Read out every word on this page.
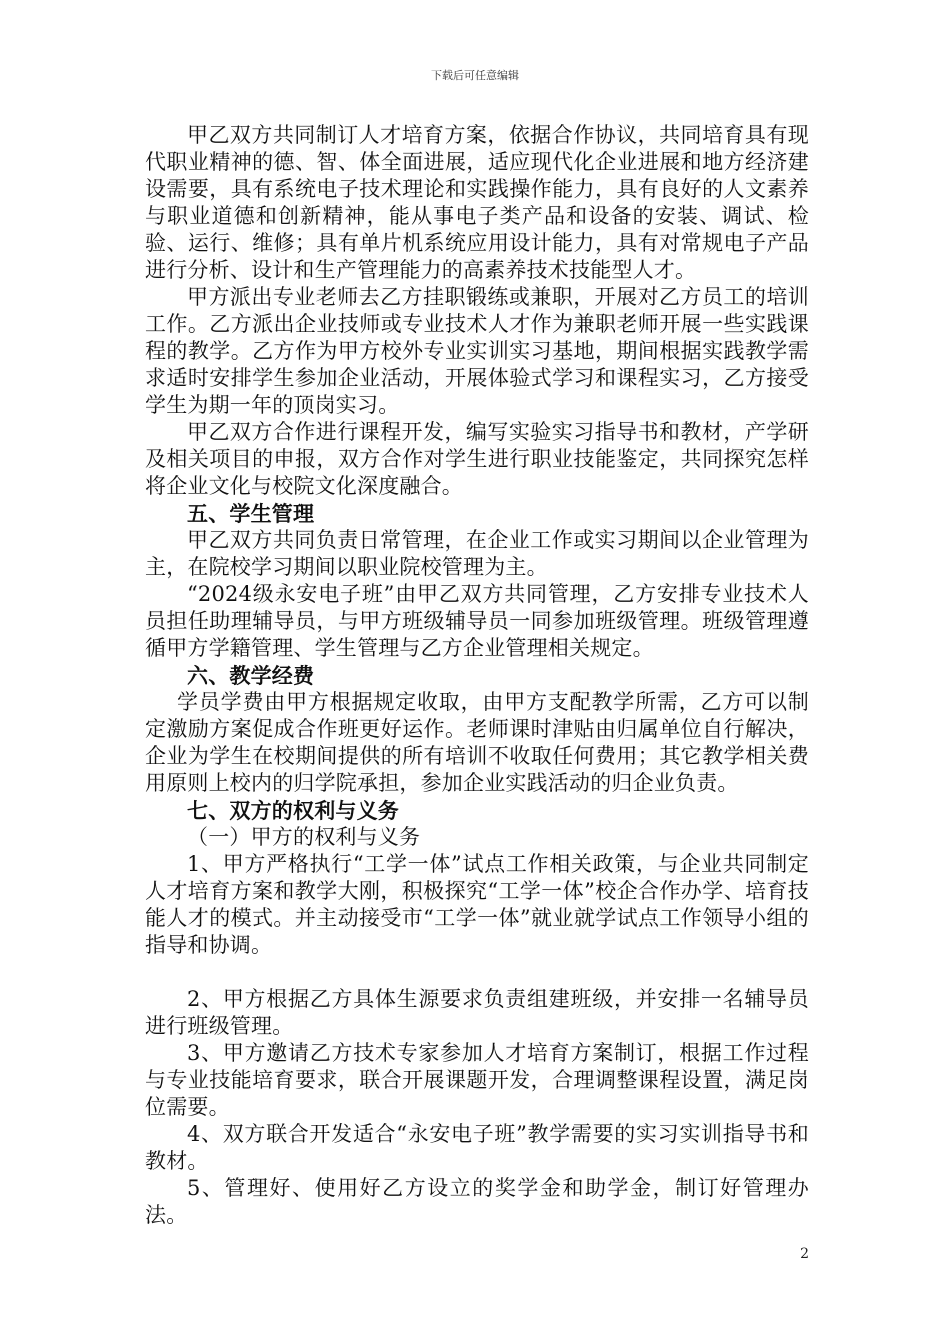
下载后可任意编辑

甲乙双方共同制订人才培育方案，依据合作协议，共同培育具有现代职业精神的德、智、体全面进展，适应现代化企业进展和地方经济建设需要，具有系统电子技术理论和实践操作能力，具有良好的人文素养与职业道德和创新精神，能从事电子类产品和设备的安装、调试、检验、运行、维修；具有单片机系统应用设计能力，具有对常规电子产品进行分析、设计和生产管理能力的高素养技术技能型人才。

甲方派出专业老师去乙方挂职锻练或兼职，开展对乙方员工的培训工作。乙方派出企业技师或专业技术人才作为兼职老师开展一些实践课程的教学。乙方作为甲方校外专业实训实习基地，期间根据实践教学需求适时安排学生参加企业活动，开展体验式学习和课程实习，乙方接受学生为期一年的顶岗实习。

甲乙双方合作进行课程开发，编写实验实习指导书和教材，产学研及相关项目的申报，双方合作对学生进行职业技能鉴定，共同探究怎样将企业文化与校院文化深度融合。

五、学生管理

甲乙双方共同负责日常管理，在企业工作或实习期间以企业管理为主，在院校学习期间以职业院校管理为主。

“2024级永安电子班”由甲乙双方共同管理，乙方安排专业技术人员担任助理辅导员，与甲方班级辅导员一同参加班级管理。班级管理遵循甲方学籍管理、学生管理与乙方企业管理相关规定。

六、教学经费

学员学费由甲方根据规定收取，由甲方支配教学所需，乙方可以制定激励方案促成合作班更好运作。老师课时津贴由归属单位自行解决，企业为学生在校期间提供的所有培训不收取任何费用；其它教学相关费用原则上校内的归学院承担，参加企业实践活动的归企业负责。

七、双方的权利与义务

（一）甲方的权利与义务

1、甲方严格执行“工学一体”试点工作相关政策，与企业共同制定人才培育方案和教学大刚，积极探究“工学一体”校企合作办学、培育技能人才的模式。并主动接受市“工学一体”就业就学试点工作领导小组的指导和协调。

2、甲方根据乙方具体生源要求负责组建班级，并安排一名辅导员进行班级管理。

3、甲方邀请乙方技术专家参加人才培育方案制订，根据工作过程与专业技能培育要求，联合开展课题开发，合理调整课程设置，满足岗位需要。

4、双方联合开发适合“永安电子班”教学需要的实习实训指导书和教材。

5、管理好、使用好乙方设立的奖学金和助学金，制订好管理办法。

2
